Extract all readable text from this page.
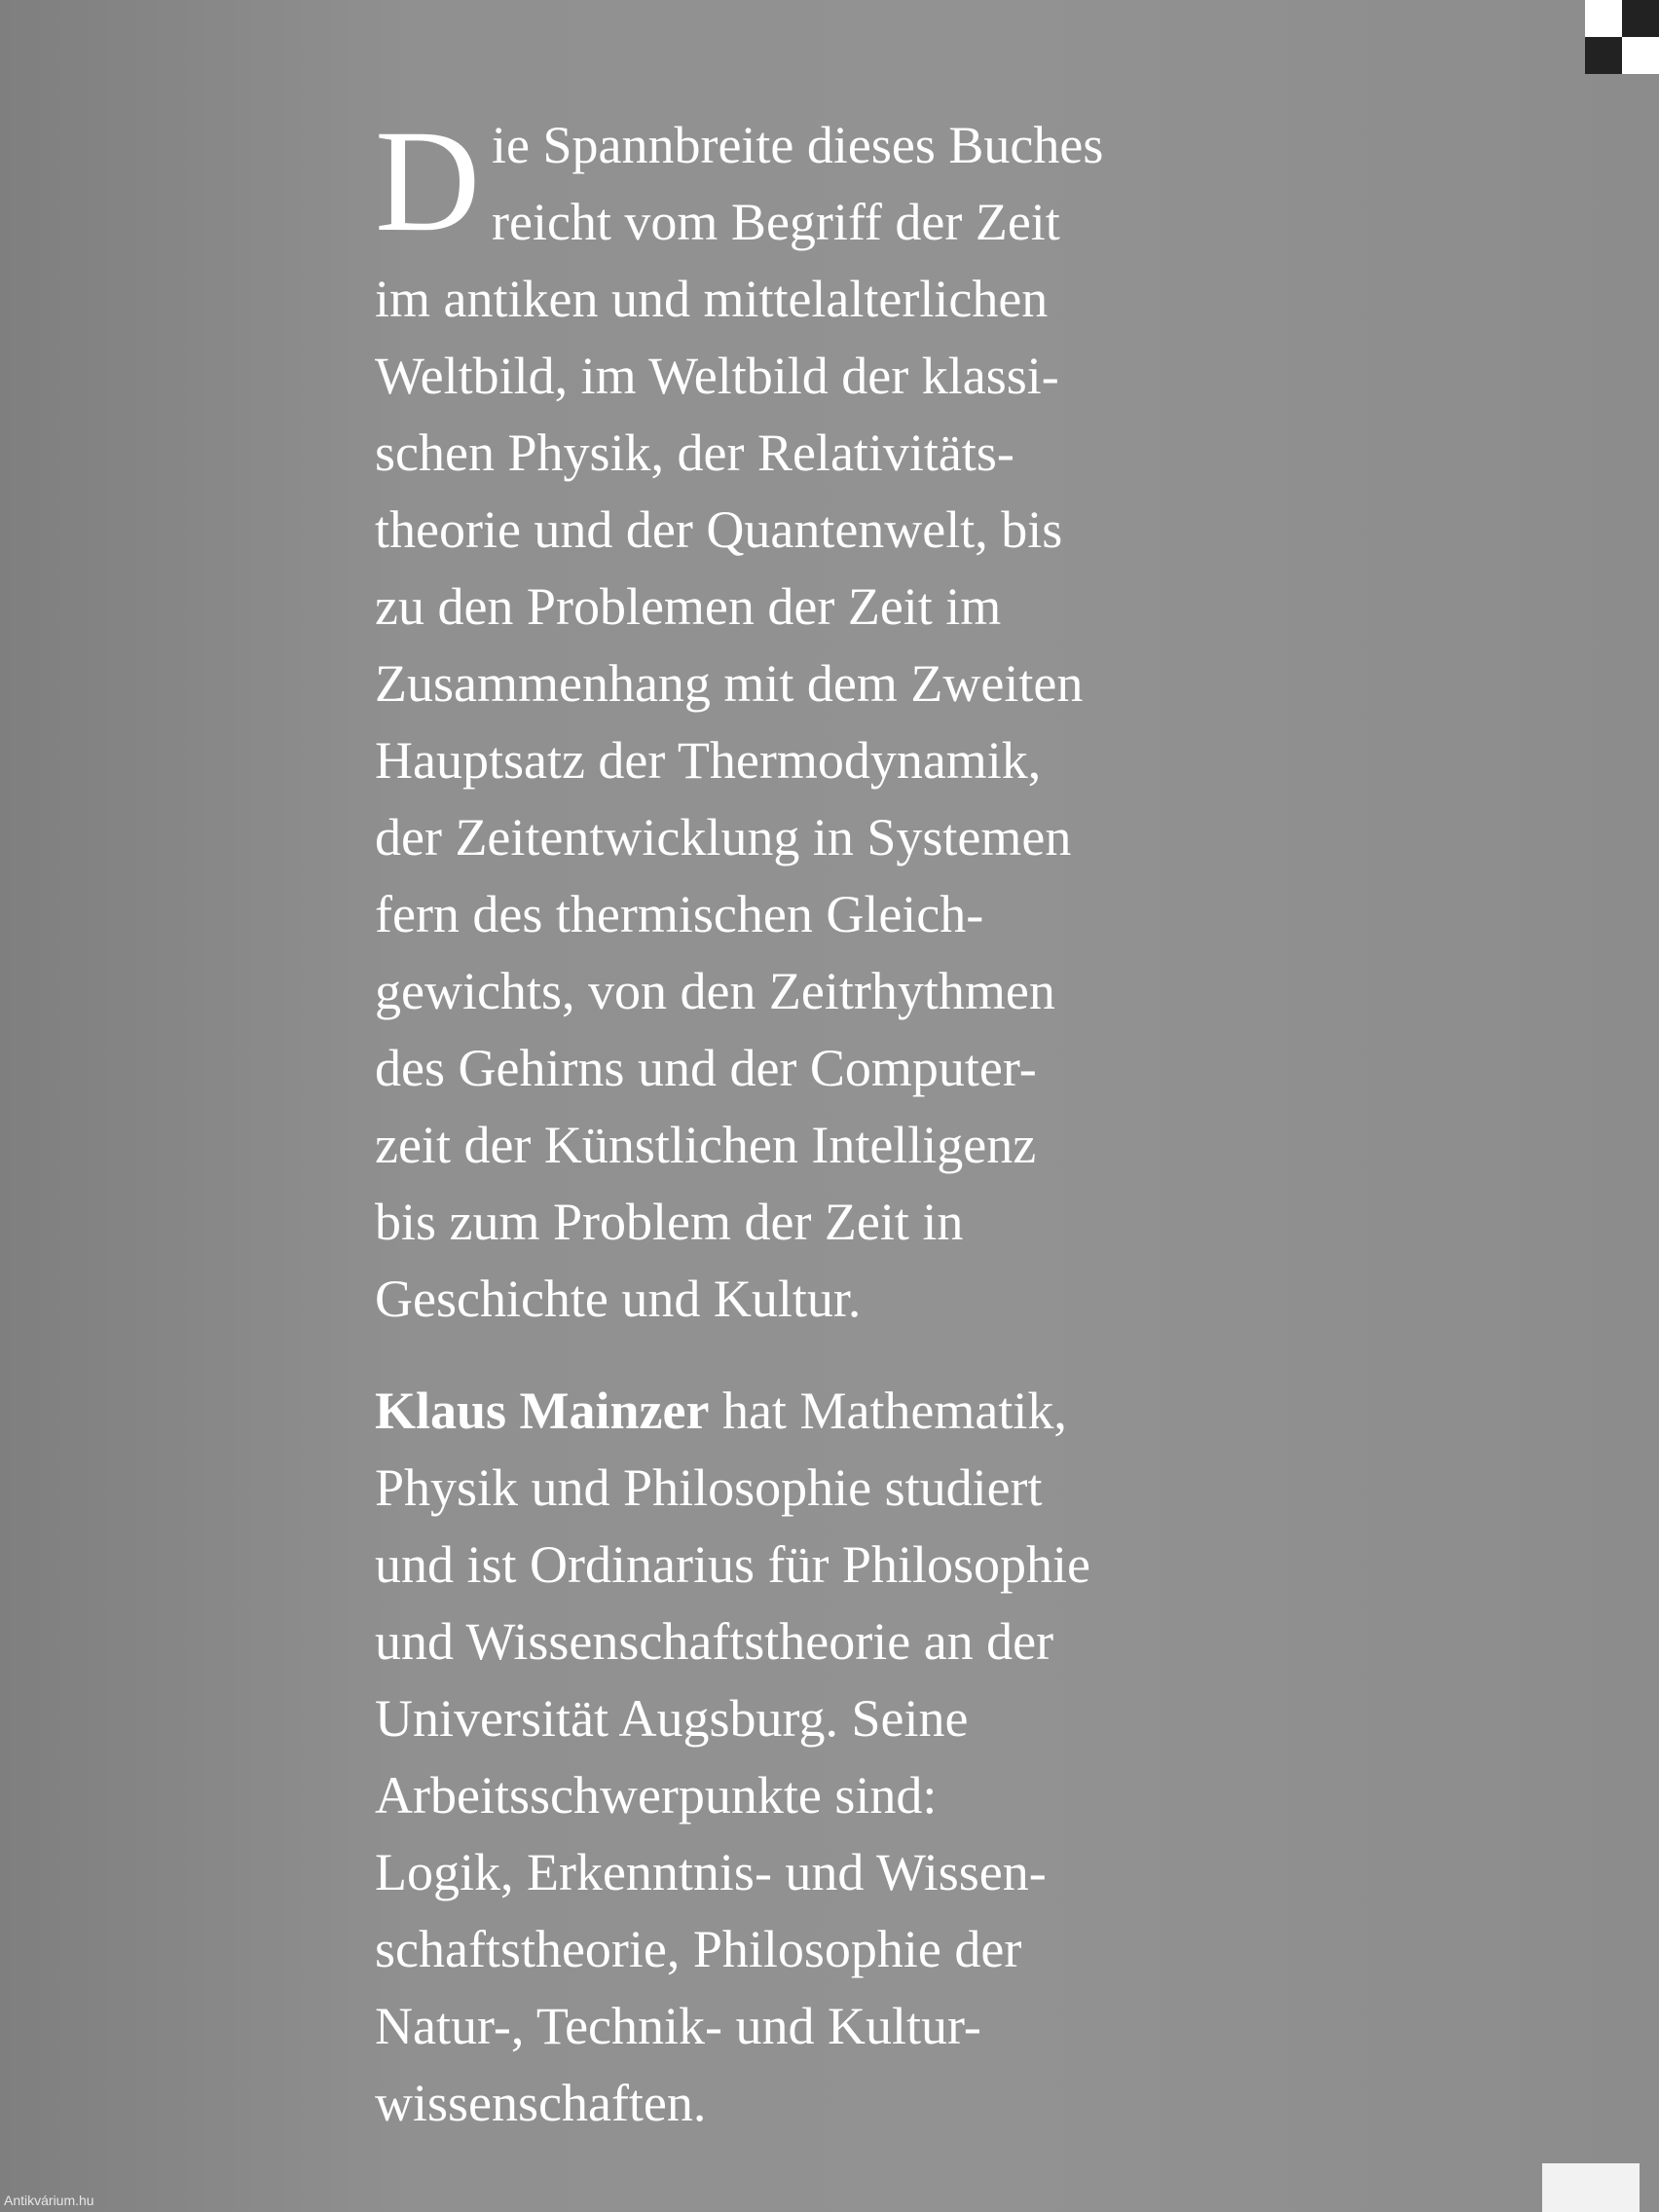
D ie Spannbreite dieses Buches
reicht vom Begriff der Zeit
im antiken und mittelalterlichen
Weltbild, im Weltbild der klassi-
schen Physik, der Relativitäts-
theorie und der Quantenwelt, bis
zu den Problemen der Zeit im
Zusammenhang mit dem Zweiten
Hauptsatz der Thermodynamik,
der Zeitentwicklung in Systemen
fern des thermischen Gleich-
gewichts, von den Zeitrhythmen
des Gehirns und der Computer-
zeit der Künstlichen Intelligenz
bis zum Problem der Zeit in
Geschichte und Kultur.
Klaus Mainzer hat Mathematik,
Physik und Philosophie studiert
und ist Ordinarius für Philosophie
und Wissenschaftstheorie an der
Universität Augsburg. Seine
Arbeitsschwerpunkte sind:
Logik, Erkenntnis- und Wissen-
schaftstheorie, Philosophie der
Natur-, Technik- und Kultur-
wissenschaften.
Antikvárium.hu
